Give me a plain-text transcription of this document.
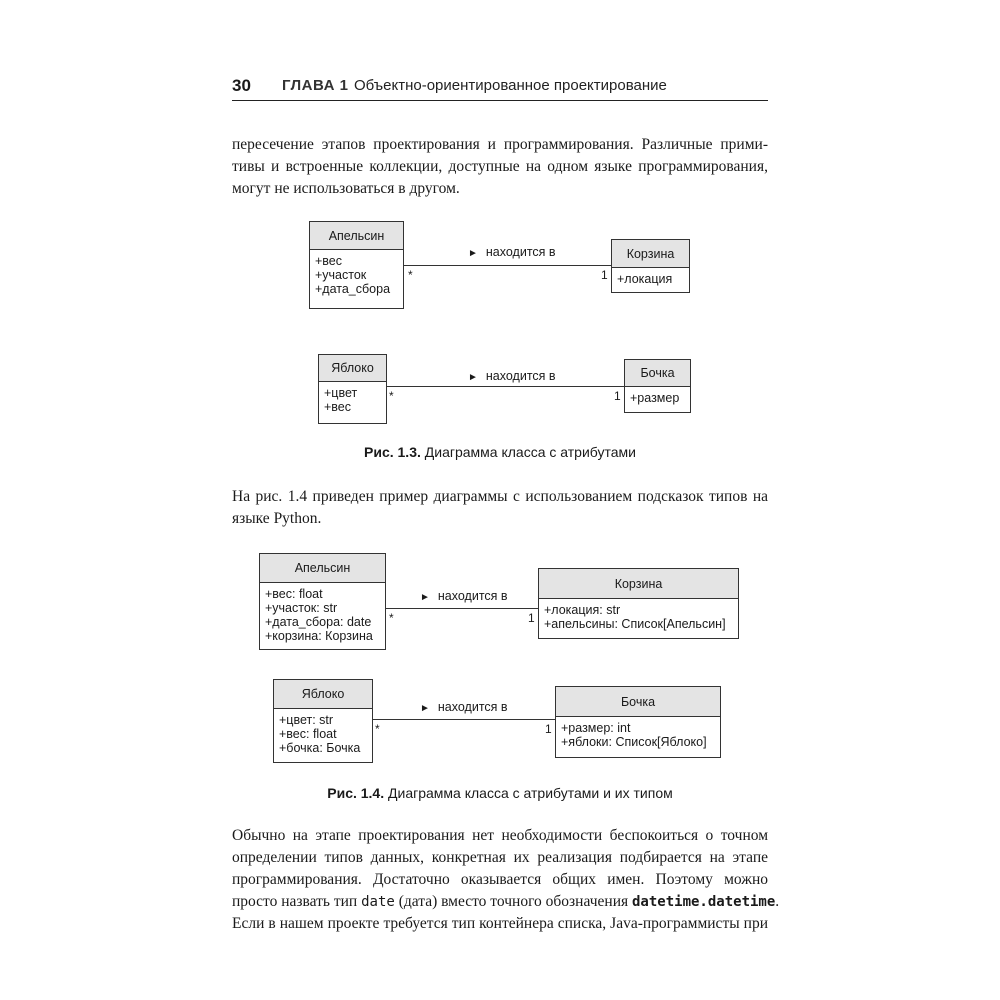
30 ГЛАВА 1 Объектно-ориентированное проектирование
пересечение этапов проектирования и программирования. Различные прими-
тивы и встроенные коллекции, доступные на одном языке программирования,
могут не использоваться в другом.
Апельсин
+вес
+участок
+дата_сбора
► находится в
*	1
Корзина
+локация
Яблоко
+цвет
+вес
► находится в
*	1
Бочка
+размер
Рис. 1.3. Диаграмма класса с атрибутами
На рис. 1.4 приведен пример диаграммы с использованием подсказок типов на
языке Python.
Апельсин
+вес: float
+участок: str
+дата_сбора: date
+корзина: Корзина
► находится в
*	1
Корзина
+локация: str
+апельсины: Список[Апельсин]
Яблоко
+цвет: str
+вес: float
+бочка: Бочка
► находится в
*	1
Бочка
+размер: int
+яблоки: Список[Яблоко]
Рис. 1.4. Диаграмма класса с атрибутами и их типом
Обычно на этапе проектирования нет необходимости беспокоиться о точном
определении типов данных, конкретная их реализация подбирается на этапе
программирования. Достаточно оказывается общих имен. Поэтому можно
просто назвать тип date (дата) вместо точного обозначения datetime.datetime.
Если в нашем проекте требуется тип контейнера списка, Java-программисты при
